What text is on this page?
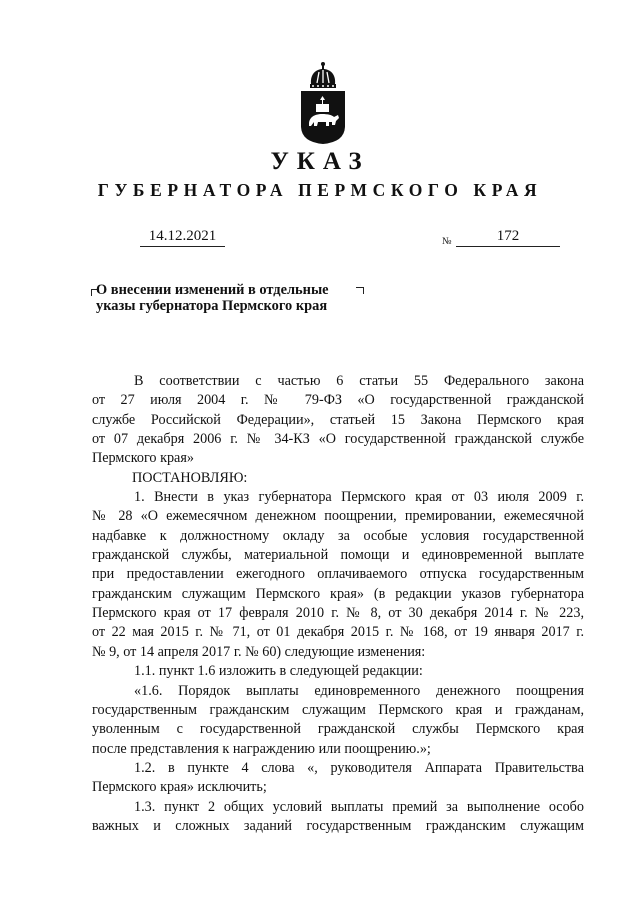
УКАЗ
ГУБЕРНАТОРА ПЕРМСКОГО КРАЯ
14.12.2021	№	172
О внесении изменений в отдельные
указы губернатора Пермского края

В соответствии с частью 6 статьи 55 Федерального закона

от 27 июля 2004 г. № 79-ФЗ «О государственной гражданской

службе Российской Федерации», статьей 15 Закона Пермского края

от 07 декабря 2006 г. № 34-КЗ «О государственной гражданской службе

Пермского края»

ПОСТАНОВЛЯЮ:

1. Внести в указ губернатора Пермского края от 03 июля 2009 г.

№ 28 «О ежемесячном денежном поощрении, премировании, ежемесячной

надбавке к должностному окладу за особые условия государственной

гражданской службы, материальной помощи и единовременной выплате

при предоставлении ежегодного оплачиваемого отпуска государственным

гражданским служащим Пермского края» (в редакции указов губернатора

Пермского края от 17 февраля 2010 г. № 8, от 30 декабря 2014 г. № 223,

от 22 мая 2015 г. № 71, от 01 декабря 2015 г. № 168, от 19 января 2017 г.

№ 9, от 14 апреля 2017 г. № 60) следующие изменения:

1.1. пункт 1.6 изложить в следующей редакции:

«1.6. Порядок выплаты единовременного денежного поощрения

государственным гражданским служащим Пермского края и гражданам,

уволенным с государственной гражданской службы Пермского края

после представления к награждению или поощрению.»;

1.2. в пункте 4 слова «, руководителя Аппарата Правительства

Пермского края» исключить;

1.3. пункт 2 общих условий выплаты премий за выполнение особо

важных и сложных заданий государственным гражданским служащим
